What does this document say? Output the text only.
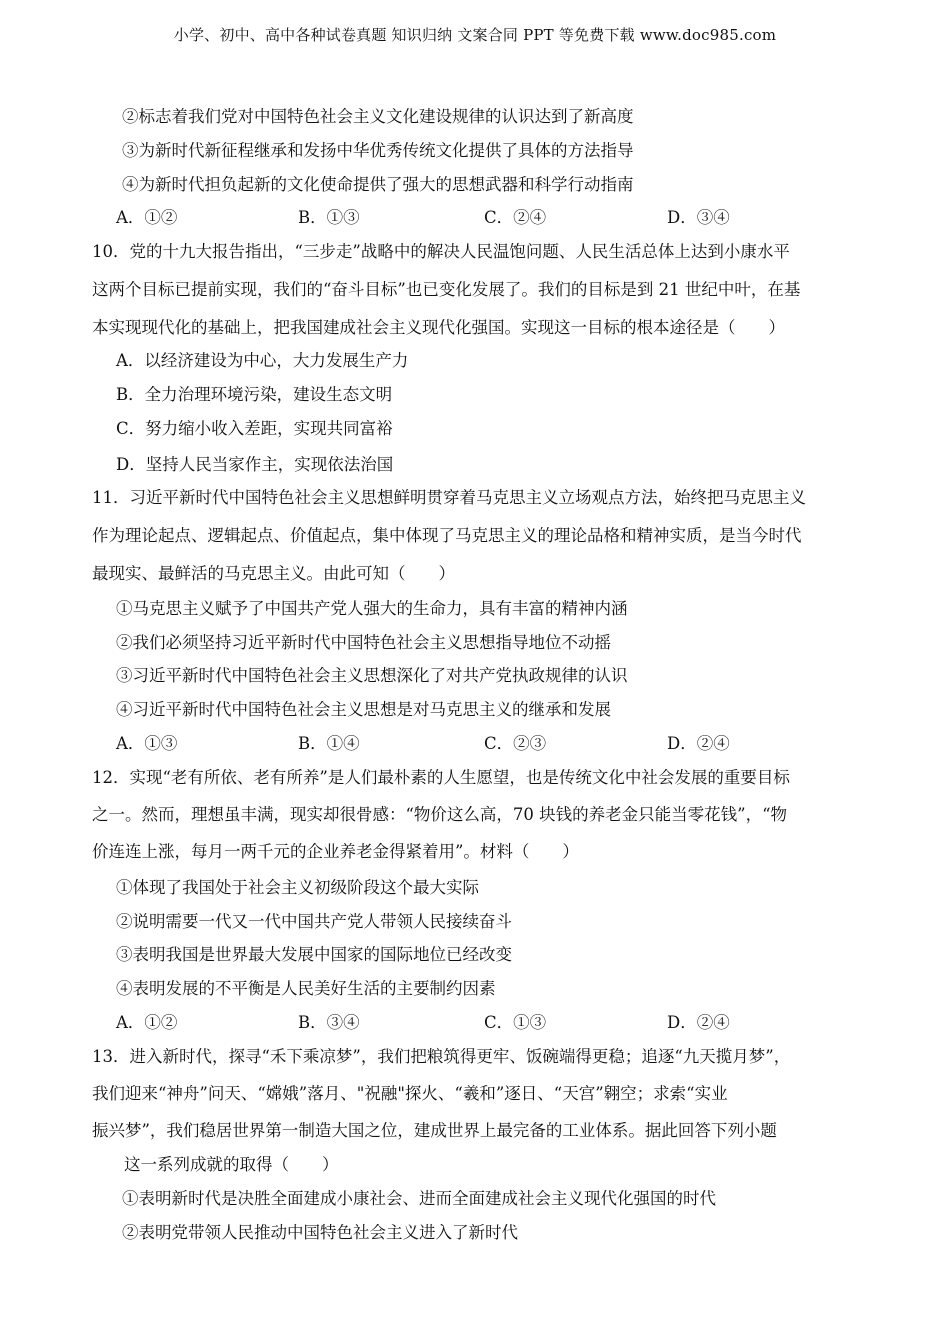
小学、初中、高中各种试卷真题 知识归纳 文案合同 PPT 等免费下载 www.doc985.com
②标志着我们党对中国特色社会主义文化建设规律的认识达到了新高度
③为新时代新征程继承和发扬中华优秀传统文化提供了具体的方法指导
④为新时代担负起新的文化使命提供了强大的思想武器和科学行动指南
A．①②	B．①③	C．②④	D．③④
10．党的十九大报告指出，“三步走”战略中的解决人民温饱问题、人民生活总体上达到小康水平
这两个目标已提前实现，我们的“奋斗目标”也已变化发展了。我们的目标是到 21 世纪中叶，在基
本实现现代化的基础上，把我国建成社会主义现代化强国。实现这一目标的根本途径是（　　）
A．以经济建设为中心，大力发展生产力
B．全力治理环境污染，建设生态文明
C．努力缩小收入差距，实现共同富裕
D．坚持人民当家作主，实现依法治国
11．习近平新时代中国特色社会主义思想鲜明贯穿着马克思主义立场观点方法，始终把马克思主义
作为理论起点、逻辑起点、价值起点，集中体现了马克思主义的理论品格和精神实质，是当今时代
最现实、最鲜活的马克思主义。由此可知（　　）
①马克思主义赋予了中国共产党人强大的生命力，具有丰富的精神内涵
②我们必须坚持习近平新时代中国特色社会主义思想指导地位不动摇
③习近平新时代中国特色社会主义思想深化了对共产党执政规律的认识
④习近平新时代中国特色社会主义思想是对马克思主义的继承和发展
A．①③	B．①④	C．②③	D．②④
12．实现“老有所依、老有所养”是人们最朴素的人生愿望，也是传统文化中社会发展的重要目标
之一。然而，理想虽丰满，现实却很骨感：“物价这么高，70 块钱的养老金只能当零花钱”，“物
价连连上涨，每月一两千元的企业养老金得紧着用”。材料（　　）
①体现了我国处于社会主义初级阶段这个最大实际
②说明需要一代又一代中国共产党人带领人民接续奋斗
③表明我国是世界最大发展中国家的国际地位已经改变
④表明发展的不平衡是人民美好生活的主要制约因素
A．①②	B．③④	C．①③	D．②④
13．进入新时代，探寻“禾下乘凉梦”，我们把粮筑得更牢、饭碗端得更稳；追逐“九天揽月梦”，
我们迎来“神舟”问天、“嫦娥”落月、"祝融"探火、“羲和”逐日、“天宫”翱空；求索“实业
振兴梦”，我们稳居世界第一制造大国之位，建成世界上最完备的工业体系。据此回答下列小题
这一系列成就的取得（　　）
①表明新时代是决胜全面建成小康社会、进而全面建成社会主义现代化强国的时代
②表明党带领人民推动中国特色社会主义进入了新时代
